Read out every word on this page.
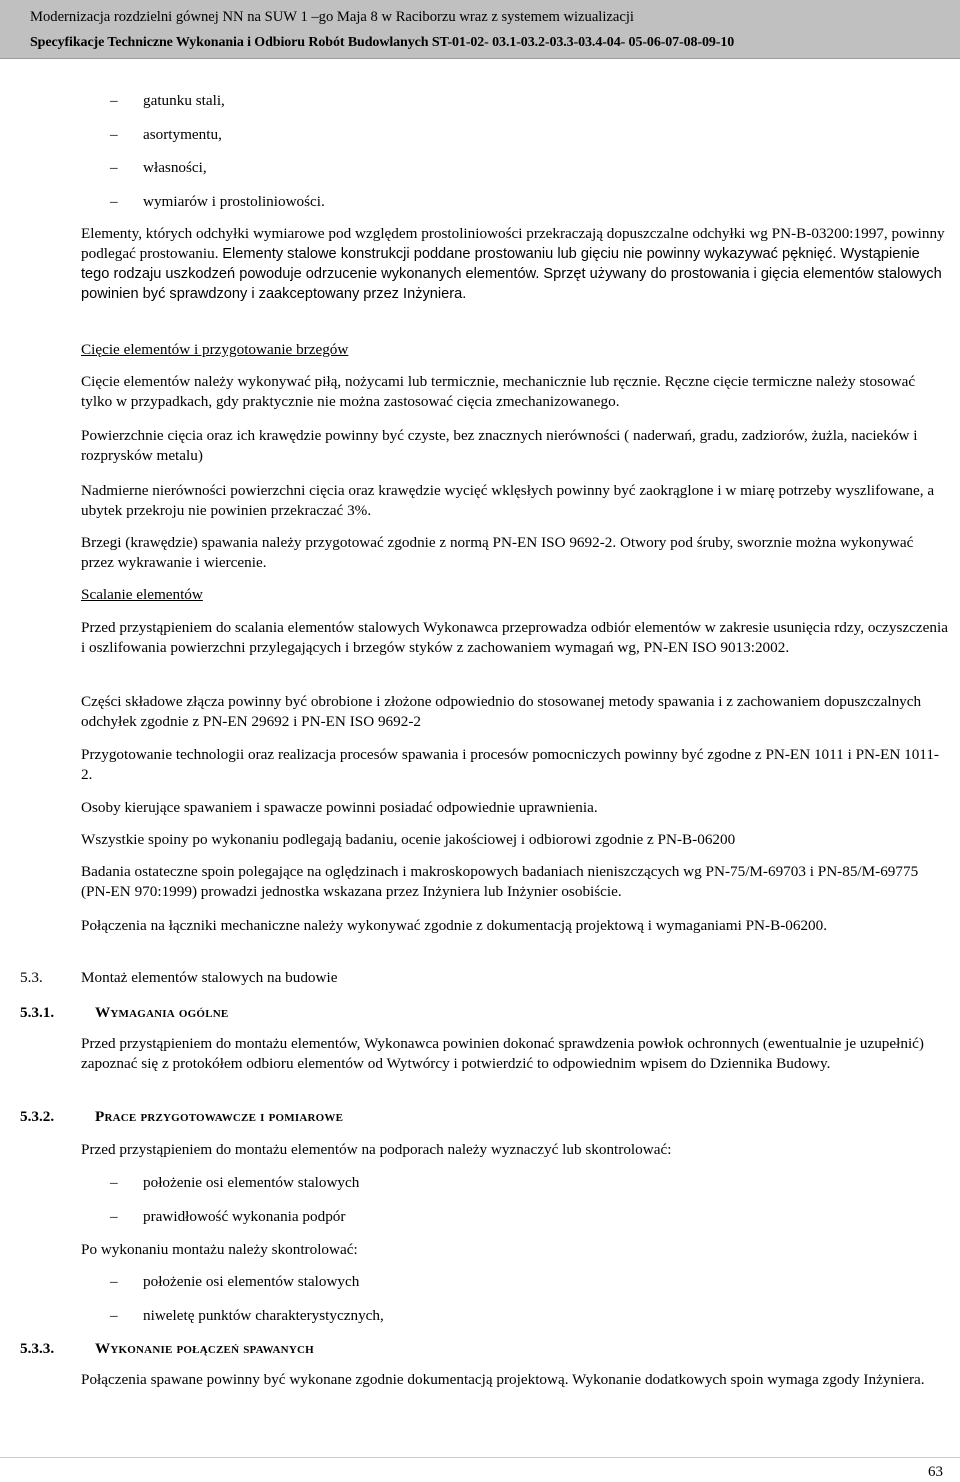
Modernizacja rozdzielni gównej NN na SUW 1 –go Maja 8 w Raciborzu wraz z systemem wizualizacji
Specyfikacje Techniczne Wykonania i Odbioru Robót Budowlanych ST-01-02- 03.1-03.2-03.3-03.4-04- 05-06-07-08-09-10
– gatunku stali,
– asortymentu,
– własności,
– wymiarów i prostoliniowości.
Elementy, których odchyłki wymiarowe pod względem prostoliniowości przekraczają dopuszczalne odchyłki wg PN-B-03200:1997, powinny podlegać prostowaniu. Elementy stalowe konstrukcji poddane prostowaniu lub gięciu nie powinny wykazywać pęknięć. Wystąpienie tego rodzaju uszkodzeń powoduje odrzucenie wykonanych elementów. Sprzęt używany do prostowania i gięcia elementów stalowych powinien być sprawdzony i zaakceptowany przez Inżyniera.
Cięcie elementów i przygotowanie brzegów
Cięcie elementów należy wykonywać piłą, nożycami lub termicznie, mechanicznie lub ręcznie. Ręczne cięcie termiczne należy stosować tylko w przypadkach, gdy praktycznie nie można zastosować cięcia zmechanizowanego.
Powierzchnie cięcia oraz ich krawędzie powinny być czyste, bez znacznych nierówności ( naderwań, gradu, zadziorów, żużla, nacieków i rozprysków metalu)
Nadmierne nierówności powierzchni cięcia oraz krawędzie wycięć wklęsłych powinny być zaokrąglone i w miarę potrzeby wyszlifowane, a ubytek przekroju nie powinien przekraczać 3%.
Brzegi (krawędzie) spawania należy przygotować zgodnie z normą PN-EN ISO 9692-2. Otwory pod śruby, sworznie można wykonywać przez wykrawanie i wiercenie.
Scalanie elementów
Przed przystąpieniem do scalania elementów stalowych Wykonawca przeprowadza odbiór elementów w zakresie usunięcia rdzy, oczyszczenia i oszlifowania powierzchni przylegających i brzegów styków z zachowaniem wymagań wg, PN-EN ISO 9013:2002.
Części składowe złącza powinny być obrobione i złożone odpowiednio do stosowanej metody spawania i z zachowaniem dopuszczalnych odchyłek zgodnie z PN-EN 29692 i PN-EN ISO 9692-2
Przygotowanie technologii oraz realizacja procesów spawania i procesów pomocniczych powinny być zgodne z PN-EN 1011 i PN-EN 1011-2.
Osoby kierujące spawaniem i spawacze powinni posiadać odpowiednie uprawnienia.
Wszystkie spoiny po wykonaniu podlegają badaniu, ocenie jakościowej i odbiorowi zgodnie z PN-B-06200
Badania ostateczne spoin polegające na oględzinach i makroskopowych badaniach nieniszczących wg PN-75/M-69703 i PN-85/M-69775 (PN-EN 970:1999) prowadzi jednostka wskazana przez Inżyniera lub Inżynier osobiście.
Połączenia na łączniki mechaniczne należy wykonywać zgodnie z dokumentacją projektową i wymaganiami PN-B-06200.
5.3.	Montaż elementów stalowych na budowie
5.3.1.	Wymagania ogólne
Przed przystąpieniem do montażu elementów, Wykonawca powinien dokonać sprawdzenia powłok ochronnych (ewentualnie je uzupełnić) zapoznać się z protokółem odbioru elementów od Wytwórcy i potwierdzić to odpowiednim wpisem do Dziennika Budowy.
5.3.2.	Prace przygotowawcze i pomiarowe
Przed przystąpieniem do montażu elementów na podporach należy wyznaczyć lub skontrolować:
– położenie osi elementów stalowych
– prawidłowość wykonania podpór
Po wykonaniu montażu należy skontrolować:
– położenie osi elementów stalowych
– niweletę punktów charakterystycznych,
5.3.3.	Wykonanie połączeń spawanych
Połączenia spawane powinny być wykonane zgodnie dokumentacją projektową. Wykonanie dodatkowych spoin wymaga zgody Inżyniera.
63
